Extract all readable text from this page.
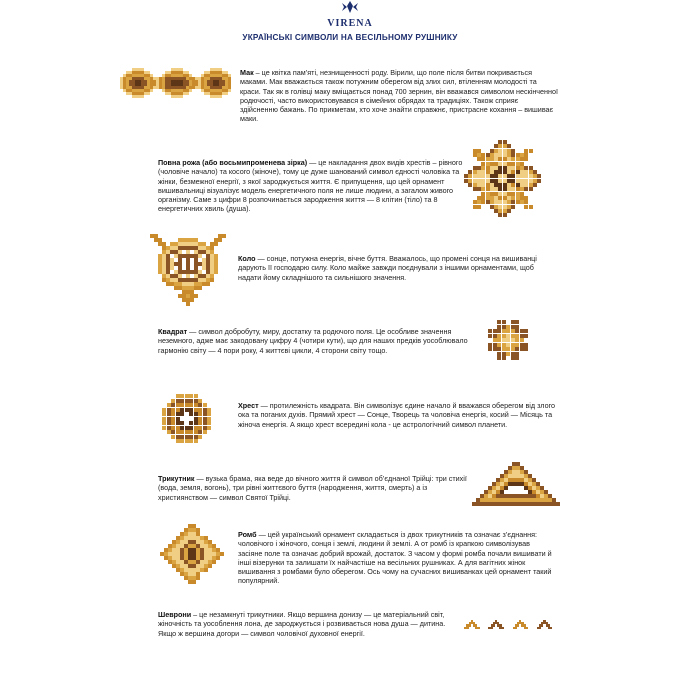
VIRENA
УКРАЇНСЬКІ СИМВОЛИ НА ВЕСІЛЬНОМУ РУШНИКУ
Мак – це квітка пам’яті, незнищенності роду. Вірили, що поле після битви покривається маками. Мак вважається також потужним оберегом від злих сил, втіленням молодості та краси. Так як в голівці маку вміщається понад 700 зернин, він вважався символом нескінченної родючості, часто використовувався в сімейних обрядах та традиціях. Також сприяє здійсненню бажань. По прикметам, хто хоче знайти справжнє, пристрасне кохання – вишиває маки.
Повна рожа (або восьмипроменева зірка) — це накладання двох видів хрестів – рівного (чоловіче начало) та косого (жіноче), тому це дуже шанований символ єдності чоловіка та жінки, безмежної енергії, з якої зароджується життя. Є припущення, що цей орнамент вишивальниці візуалізує модель енергетичного поля не лише людини, а загалом живого організму. Саме з цифри 8 розпочинається зародження життя — 8 клітин (тіло) та 8 енергетичних хвиль (душа).
Коло — сонце, потужна енергія, вічне буття. Вважалось, що промені сонця на вишиванці дарують її господарю силу. Коло майже завжди поєднували з іншими орнаментами, щоб надати йому складнішого та сильнішого значення.
Квадрат — символ добробуту, миру, достатку та родючого поля. Це особливе значення неземного, адже має закодовану цифру 4 (чотири кути), що для наших предків уособлювало гармонію світу — 4 пори року, 4 життєві цикли, 4 сторони світу тощо.
Хрест — протилежність квадрата. Він символізує єдине начало й вважався оберегом від злого ока та поганих духів. Прямий хрест — Сонце, Творець та чоловіча енергія, косий — Місяць та жіноча енергія. А якщо хрест всередині кола - це астрологічний символ планети.
Трикутник — вузька брама, яка веде до вічного життя й символ об’єднаної Трійці: три стихії (вода, земля, вогонь), три рівні життєвого буття (народження, життя, смерть) а із християнством — символ Святої Трійці.
Ромб — цей український орнамент складається із двох трикутників та означає з’єднання: чоловічого і жіночого, сонця і землі, людини й землі. А от ромб із крапкою символізував засіяне поле та означає добрий врожай, достаток. З часом у формі ромба почали вишивати й інші візерунки та залишати їх найчастіше на весільних рушниках. А для вагітних жінок вишивання з ромбами було оберегом. Ось чому на сучасних вишиванках цей орнамент такий популярний.
Шеврони – це незамкнуті трикутники. Якщо вершина донизу — це матеріальний світ, жіночність та уособлення лона, де зароджується і розвивається нова душа — дитина. Якщо ж вершина догори — символ чоловічої духовної енергії.
